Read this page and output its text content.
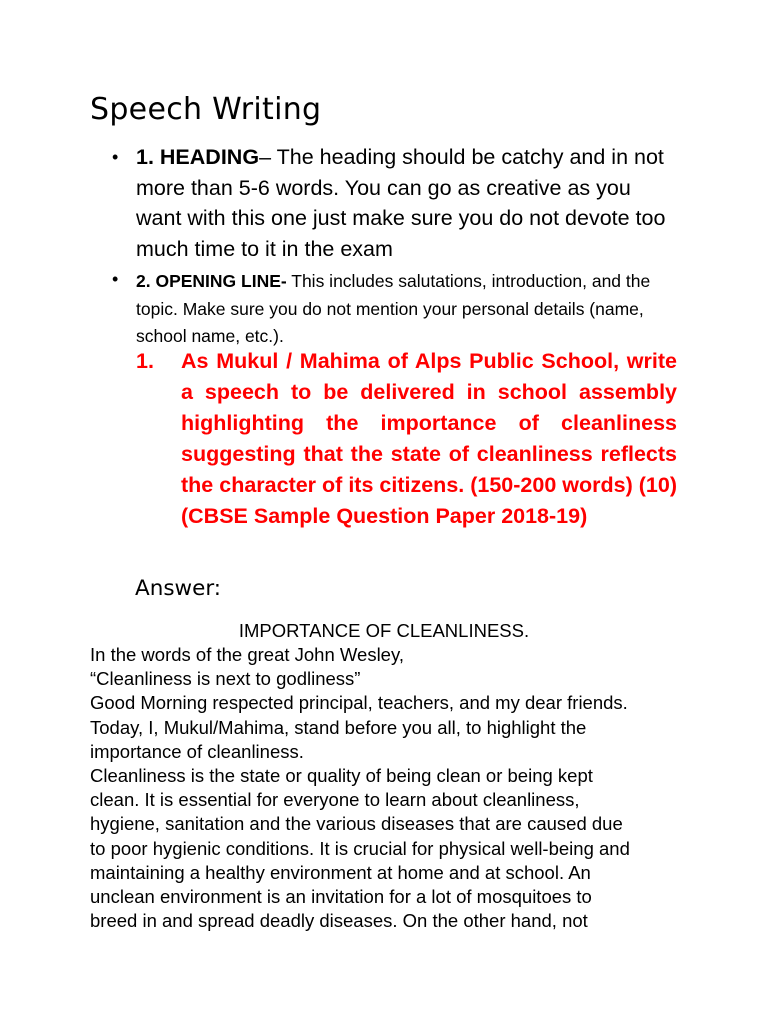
Speech Writing
• 1. HEADING– The heading should be catchy and in not more than 5-6 words. You can go as creative as you want with this one just make sure you do not devote too much time to it in the exam
• 2. OPENING LINE- This includes salutations, introduction, and the topic. Make sure you do not mention your personal details (name, school name, etc.).
1. As Mukul / Mahima of Alps Public School, write a speech to be delivered in school assembly highlighting the importance of cleanliness suggesting that the state of cleanliness reflects the character of its citizens. (150-200 words) (10)
(CBSE Sample Question Paper 2018-19)
Answer:
IMPORTANCE OF CLEANLINESS.
In the words of the great John Wesley,
“Cleanliness is next to godliness”
Good Morning respected principal, teachers, and my dear friends.
Today, I, Mukul/Mahima, stand before you all, to highlight the
importance of cleanliness.
Cleanliness is the state or quality of being clean or being kept
clean. It is essential for everyone to learn about cleanliness,
hygiene, sanitation and the various diseases that are caused due
to poor hygienic conditions. It is crucial for physical well-being and
maintaining a healthy environment at home and at school. An
unclean environment is an invitation for a lot of mosquitoes to
breed in and spread deadly diseases. On the other hand, not
